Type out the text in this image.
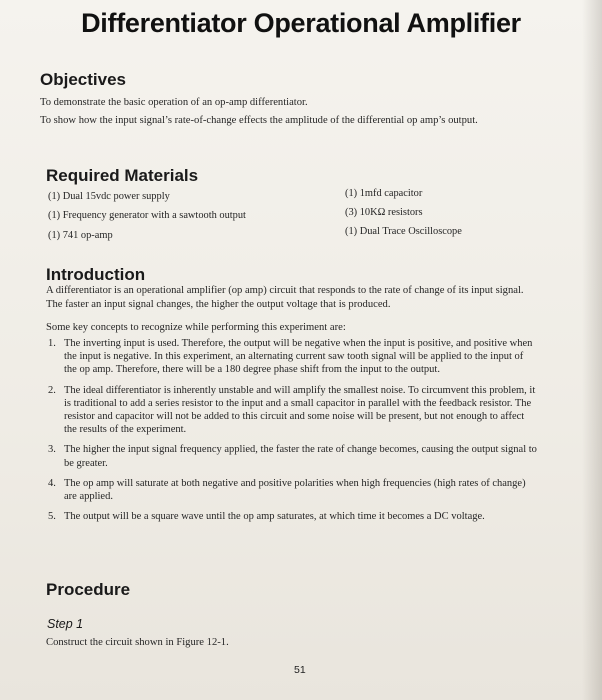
Differentiator Operational Amplifier
Objectives

To demonstrate the basic operation of an op-amp differentiator.

To show how the input signal’s rate-of-change effects the amplitude of the differential op amp’s output.

Required Materials

(1) Dual 15vdc power supply

(1) Frequency generator with a sawtooth output

(1) 741 op-amp

(1) 1mfd capacitor

(3) 10KΩ resistors

(1) Dual Trace Oscilloscope

Introduction

A differentiator is an operational amplifier (op amp) circuit that responds to the rate of change of its input signal. The faster an input signal changes, the higher the output voltage that is produced.

Some key concepts to recognize while performing this experiment are:

1. The inverting input is used. Therefore, the output will be negative when the input is positive, and positive when the input is negative. In this experiment, an alternating current saw tooth signal will be applied to the input of the op amp. Therefore, there will be a 180 degree phase shift from the input to the output.
2. The ideal differentiator is inherently unstable and will amplify the smallest noise. To circumvent this problem, it is traditional to add a series resistor to the input and a small capacitor in parallel with the feedback resistor. The resistor and capacitor will not be added to this circuit and some noise will be present, but not enough to affect the results of the experiment.
3. The higher the input signal frequency applied, the faster the rate of change becomes, causing the output signal to be greater.
4. The op amp will saturate at both negative and positive polarities when high frequencies (high rates of change) are applied.
5. The output will be a square wave until the op amp saturates, at which time it becomes a DC voltage.
Procedure

Step 1

Construct the circuit shown in Figure 12-1.

51
